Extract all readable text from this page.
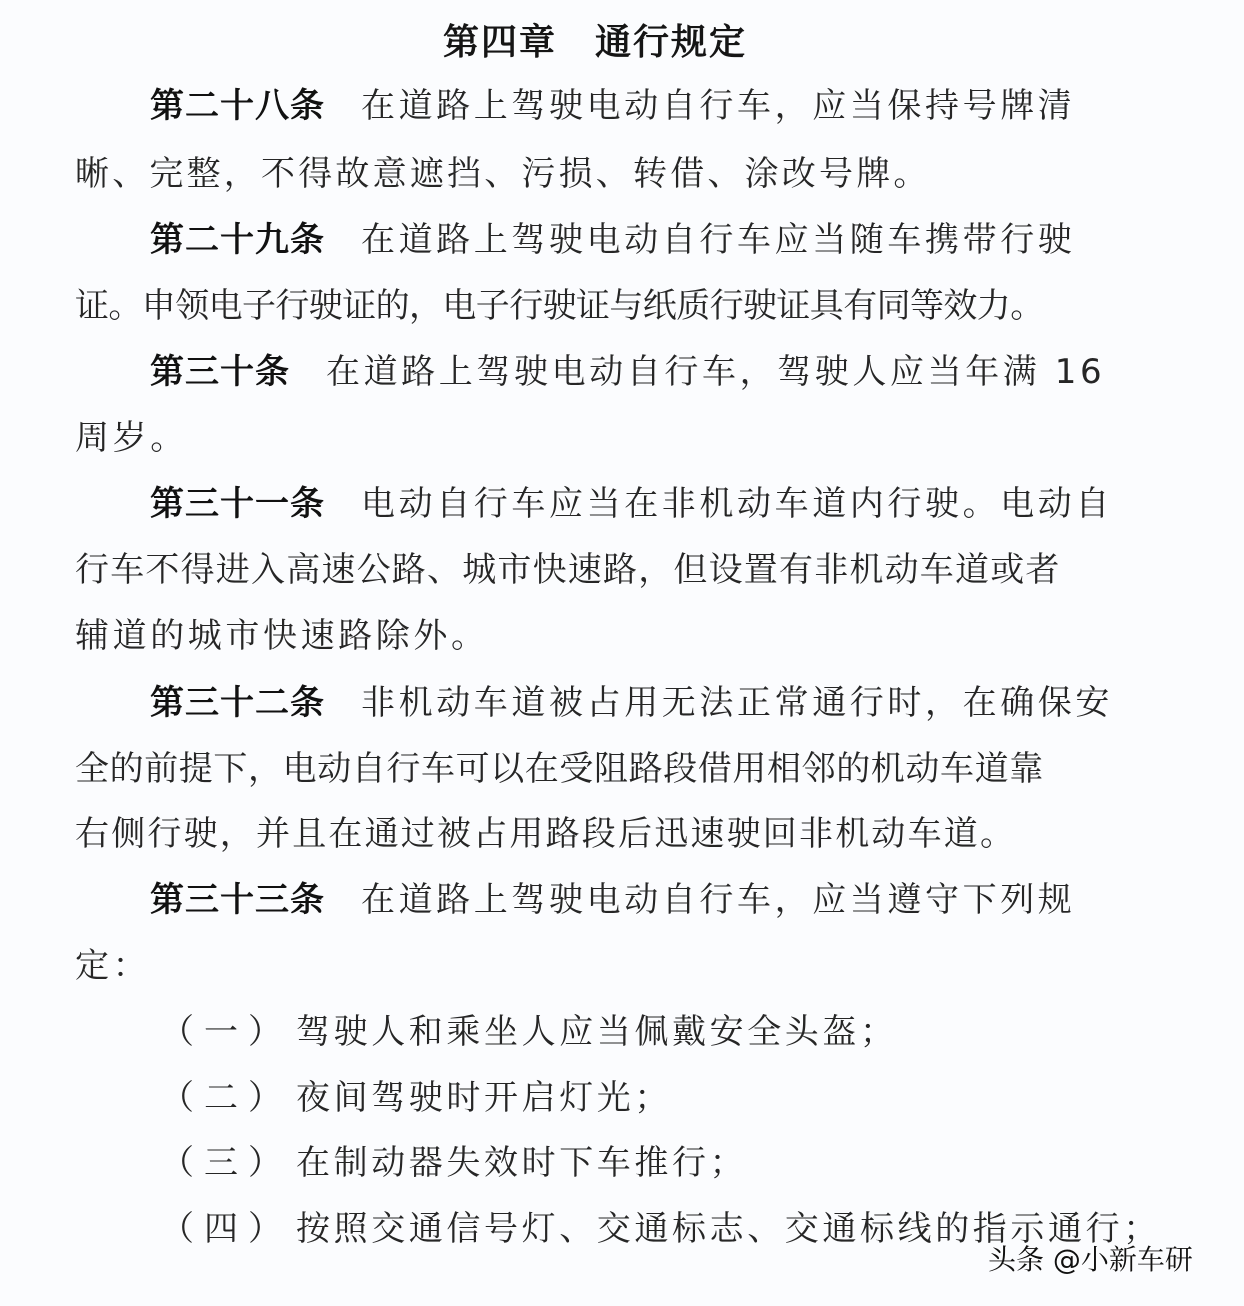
第四章　通行规定
第二十八条 在道路上驾驶电动自行车，应当保持号牌清
晰、完整，不得故意遮挡、污损、转借、涂改号牌。
第二十九条 在道路上驾驶电动自行车应当随车携带行驶
证。申领电子行驶证的，电子行驶证与纸质行驶证具有同等效力。
第三十条 在道路上驾驶电动自行车，驾驶人应当年满 16
周岁。
第三十一条 电动自行车应当在非机动车道内行驶。电动自
行车不得进入高速公路、城市快速路，但设置有非机动车道或者
辅道的城市快速路除外。
第三十二条 非机动车道被占用无法正常通行时，在确保安
全的前提下，电动自行车可以在受阻路段借用相邻的机动车道靠
右侧行驶，并且在通过被占用路段后迅速驶回非机动车道。
第三十三条 在道路上驾驶电动自行车，应当遵守下列规
定：
（一） 驾驶人和乘坐人应当佩戴安全头盔；
（二） 夜间驾驶时开启灯光；
（三） 在制动器失效时下车推行；
（四） 按照交通信号灯、交通标志、交通标线的指示通行；
头条 @小新车研
